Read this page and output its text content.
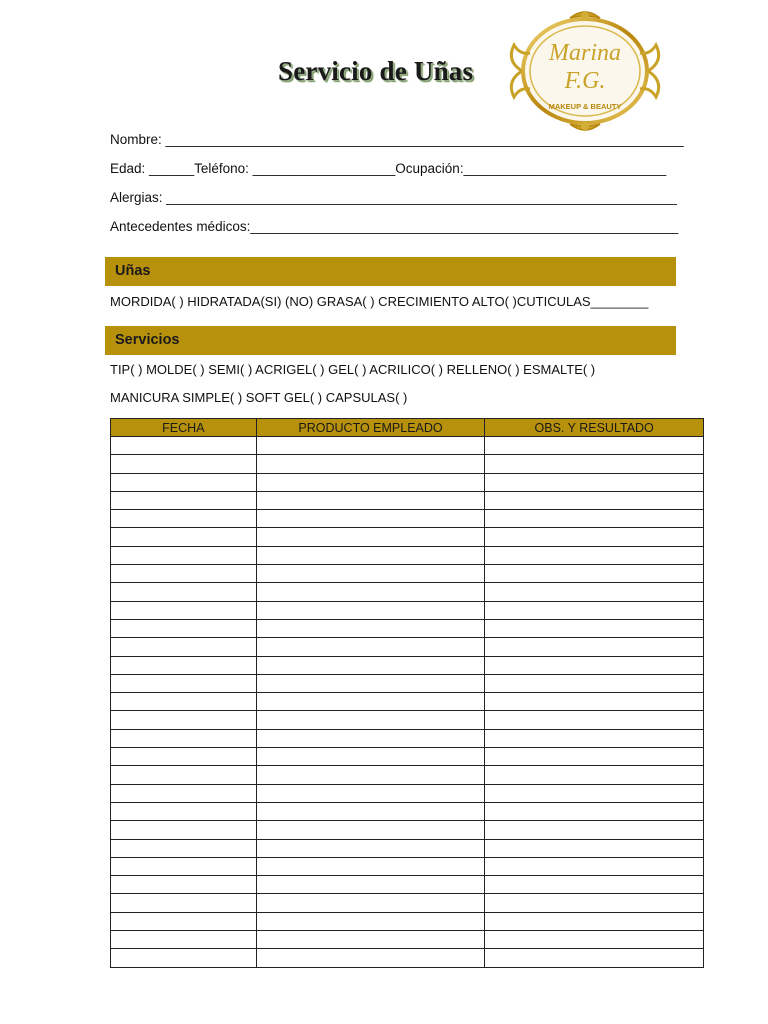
Servicio de Uñas
Marina
F.G.
MAKEUP & BEAUTY
Nombre: _____________________________________________________________________
Edad: ______Teléfono: ___________________Ocupación:___________________________
Alergias: ____________________________________________________________________
Antecedentes médicos:_________________________________________________________
Uñas
MORDIDA( ) HIDRATADA(SI) (NO) GRASA( ) CRECIMIENTO ALTO( )CUTICULAS________
Servicios
TIP( ) MOLDE( ) SEMI( ) ACRIGEL( ) GEL( ) ACRILICO( ) RELLENO( ) ESMALTE( )
MANICURA SIMPLE( ) SOFT GEL( ) CAPSULAS( )
FECHA	PRODUCTO EMPLEADO	OBS. Y RESULTADO
